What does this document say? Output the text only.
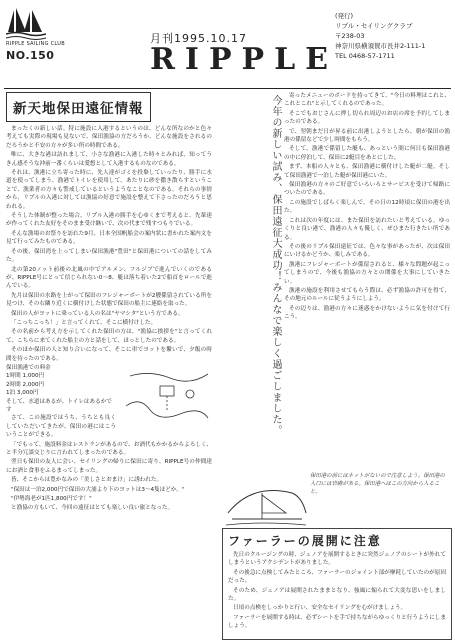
RIPPLE SAILING CLUB
NO.150
月刊1995.10.17
RIPPLE
(発行)
リプル・セイリングクラブ
〒238-03
神奈川県横須賀市長井2-111-1
TEL 0468-57-1711
新天地保田遠征情報

まったくの新しい話。特に施設に入港するというのは、どんな所なのかと色々考えても実際の現場も見ないで、保田漁協の方だろうか、どんな施設をされるのだろうかと不安の方々が多い所の時間である。

唯に、大きな港は訪れまして、小さな漁港に入港した時々とみれば、知ってうきん感そうな沖前一番くらいは愛想として入港するものなのである。

それは、漁港に立ち寄った時に、先人達がゴミを投棄していったり、勝手に水道を使ってしまう、漁港でトイレを使用して、あたりに砂を撒き散らすということで、漁業者の方々も警戒しているというようなことなのである。それらの事情から、リプルの入港に対しては漁協の好意で施設を整えて下さったのだろうと思われる。

そうした体制が整った場合、リプル入港の勝手を心ゆくまで考えると、先輩達が作ってくれた友好をそのまま受け継いで、次の代まで残すつもりでいる。

そんな漁場のお祭りを訪れた9月、日本全国帆船会の案内状に書かれた案内文を見て行ってみたものである。

その後、保田湾を上ってしまい保田漁港"豊田"と保田港についての話をしてみた。

北の第20ノット前後の北風の中でアルメン、フルジブで進んでいくのであるが、RIPPLE号にとって信じられない0～8、艇は落ち着いた2で船首をロールで進んでいる。

先月は保田の水路を上がって保田のフレジャーボートが2艘係留されている所を見つけ、その右隣り近くに横付けした状態で保田の船主に連絡を取った。

保田の人がヨットに乗っている人の名は"ヤマシタ"という方である。

「こっちこっち！」と言ってくれて、そこに横付けした。

その名前から考え方を示してくれた保田の方は、"漁協に挨拶を"と言ってくれて、こちらに来てくれた船主の方と話をして、ほっとしたのである。

そのほか保田の人と知り合いになって、そこに車でヨットを繋いで、夕飯の時間を待ったのである。

保田漁港での料金
1時間 1,000円
2時間 2,000円
1泊 3,000円
そして、水道はあるが、トイレはあるかです

さて、この施設ではうち、うちとも良くしていただいてきたが、保田の港にはこういうことができる。

「でもって、施設料金はレストランがあるので、お酒代もかかるからよろしく、と半分冗談交じりに言われてしまったのである。

翌日も保田の友人に会い、セイリングの帰りに保田に寄り、RIPPLE号の仲間達にお酒と食事をふるまってしまった。

皆、そこからは豊かなみの「美しさとおまけ」に誘われた。

"保田は一泊2,000円で保田の大浦より下のヨットは3～4隻ほどか。"

"伊勢海老が1匹1,800円です！"

と漁協の方もいて、今回の遠征はとても楽しい良い旅となった。

今年の新しい試み、保田遠征大成功！みんなで楽しく過ごしました。	寄ったメニューのボードを持ってきて、"今日の料理はこれと、これとこれ"と示してくれるのであった。

そこでもおじさんに押し切られ周辺のお店の席を予約してしまったのである。

で、翌朝まだ日が昇る前に出港しようとしたら、朝が保田の漁港の係留などで少し時間をもらう。

そして、漁港で係留した艇も、あっという間に何日も保田漁港の中に停泊して、保田に2艇目をあとにした。

まず、本船の人々とも、保田漁港に横付けした艇が二艇。そして保田漁港で一泊した艇が保田港にいた。

保田漁港の方々のご好意でいろいろとサービスを受けて帰路についたのである。

この施設でしばらく楽しんで、その日の12時頃に保田の港を出た。

これは次の年度には、また保田を訪れたいと考えている。ゆっくりと良い港で、漁港の人々も優しく、ぜひまた行きたい所である。

その後のリプル保田遠征では、色々な事があったが、次は保田にいけるかどうか、楽しみである。

漁港にフレジャーボートが係留されると、様々な問題が起こってしまうので、今後も漁協の方々との関係を大事にしていきたい。

漁港の施設を利用させてもらう際は、必ず漁協の許可を得て、その地元のルールに従うようにしよう。

その辺りは、漁港の方々に迷惑をかけないように気を付けて行こう。

保田港の前にはネットがないので注意しよう。保田港の入口には岩礁がある。保田港へはこの方向から入ること。
ファーラーの展開に注意

先日のクルージングの時、ジェノアを展開するときに突然ジェノアのシートが外れてしまうというアクシデントがありました。

その後急に点検してみたところ、ファーラーのジョイント部が摩耗していたのが原因だった。

そのため、ジェノアは展開されたままとなり、強風に煽られて大変な思いをしました。

日頃の点検をしっかりと行い、安全なセイリングを心がけましょう。

ファーラーを展開する時は、必ずシートを手で持ちながらゆっくりと行うようにしましょう。
